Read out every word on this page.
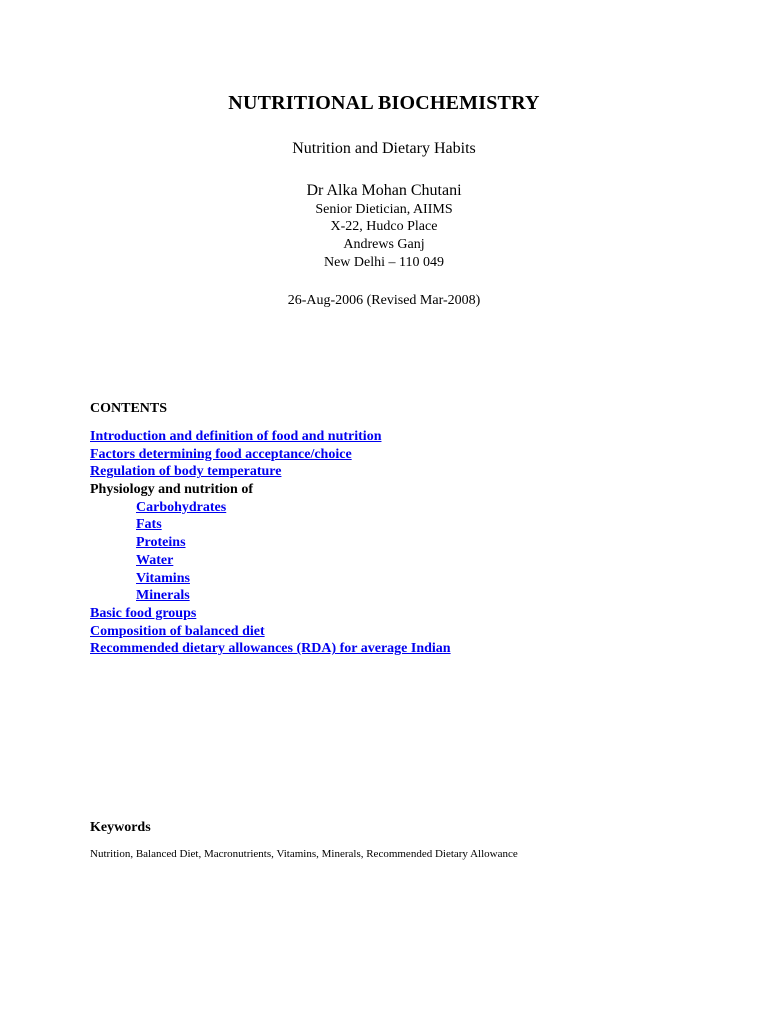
NUTRITIONAL BIOCHEMISTRY
Nutrition and Dietary Habits
Dr Alka Mohan Chutani
Senior Dietician, AIIMS
X-22, Hudco Place
Andrews Ganj
New Delhi – 110 049
26-Aug-2006 (Revised Mar-2008)
CONTENTS
Introduction and definition of food and nutrition
Factors determining food acceptance/choice
Regulation of body temperature
Physiology and nutrition of
Carbohydrates
Fats
Proteins
Water
Vitamins
Minerals
Basic food groups
Composition of balanced diet
Recommended dietary allowances (RDA) for average Indian
Keywords
Nutrition, Balanced Diet, Macronutrients, Vitamins, Minerals, Recommended Dietary Allowance
